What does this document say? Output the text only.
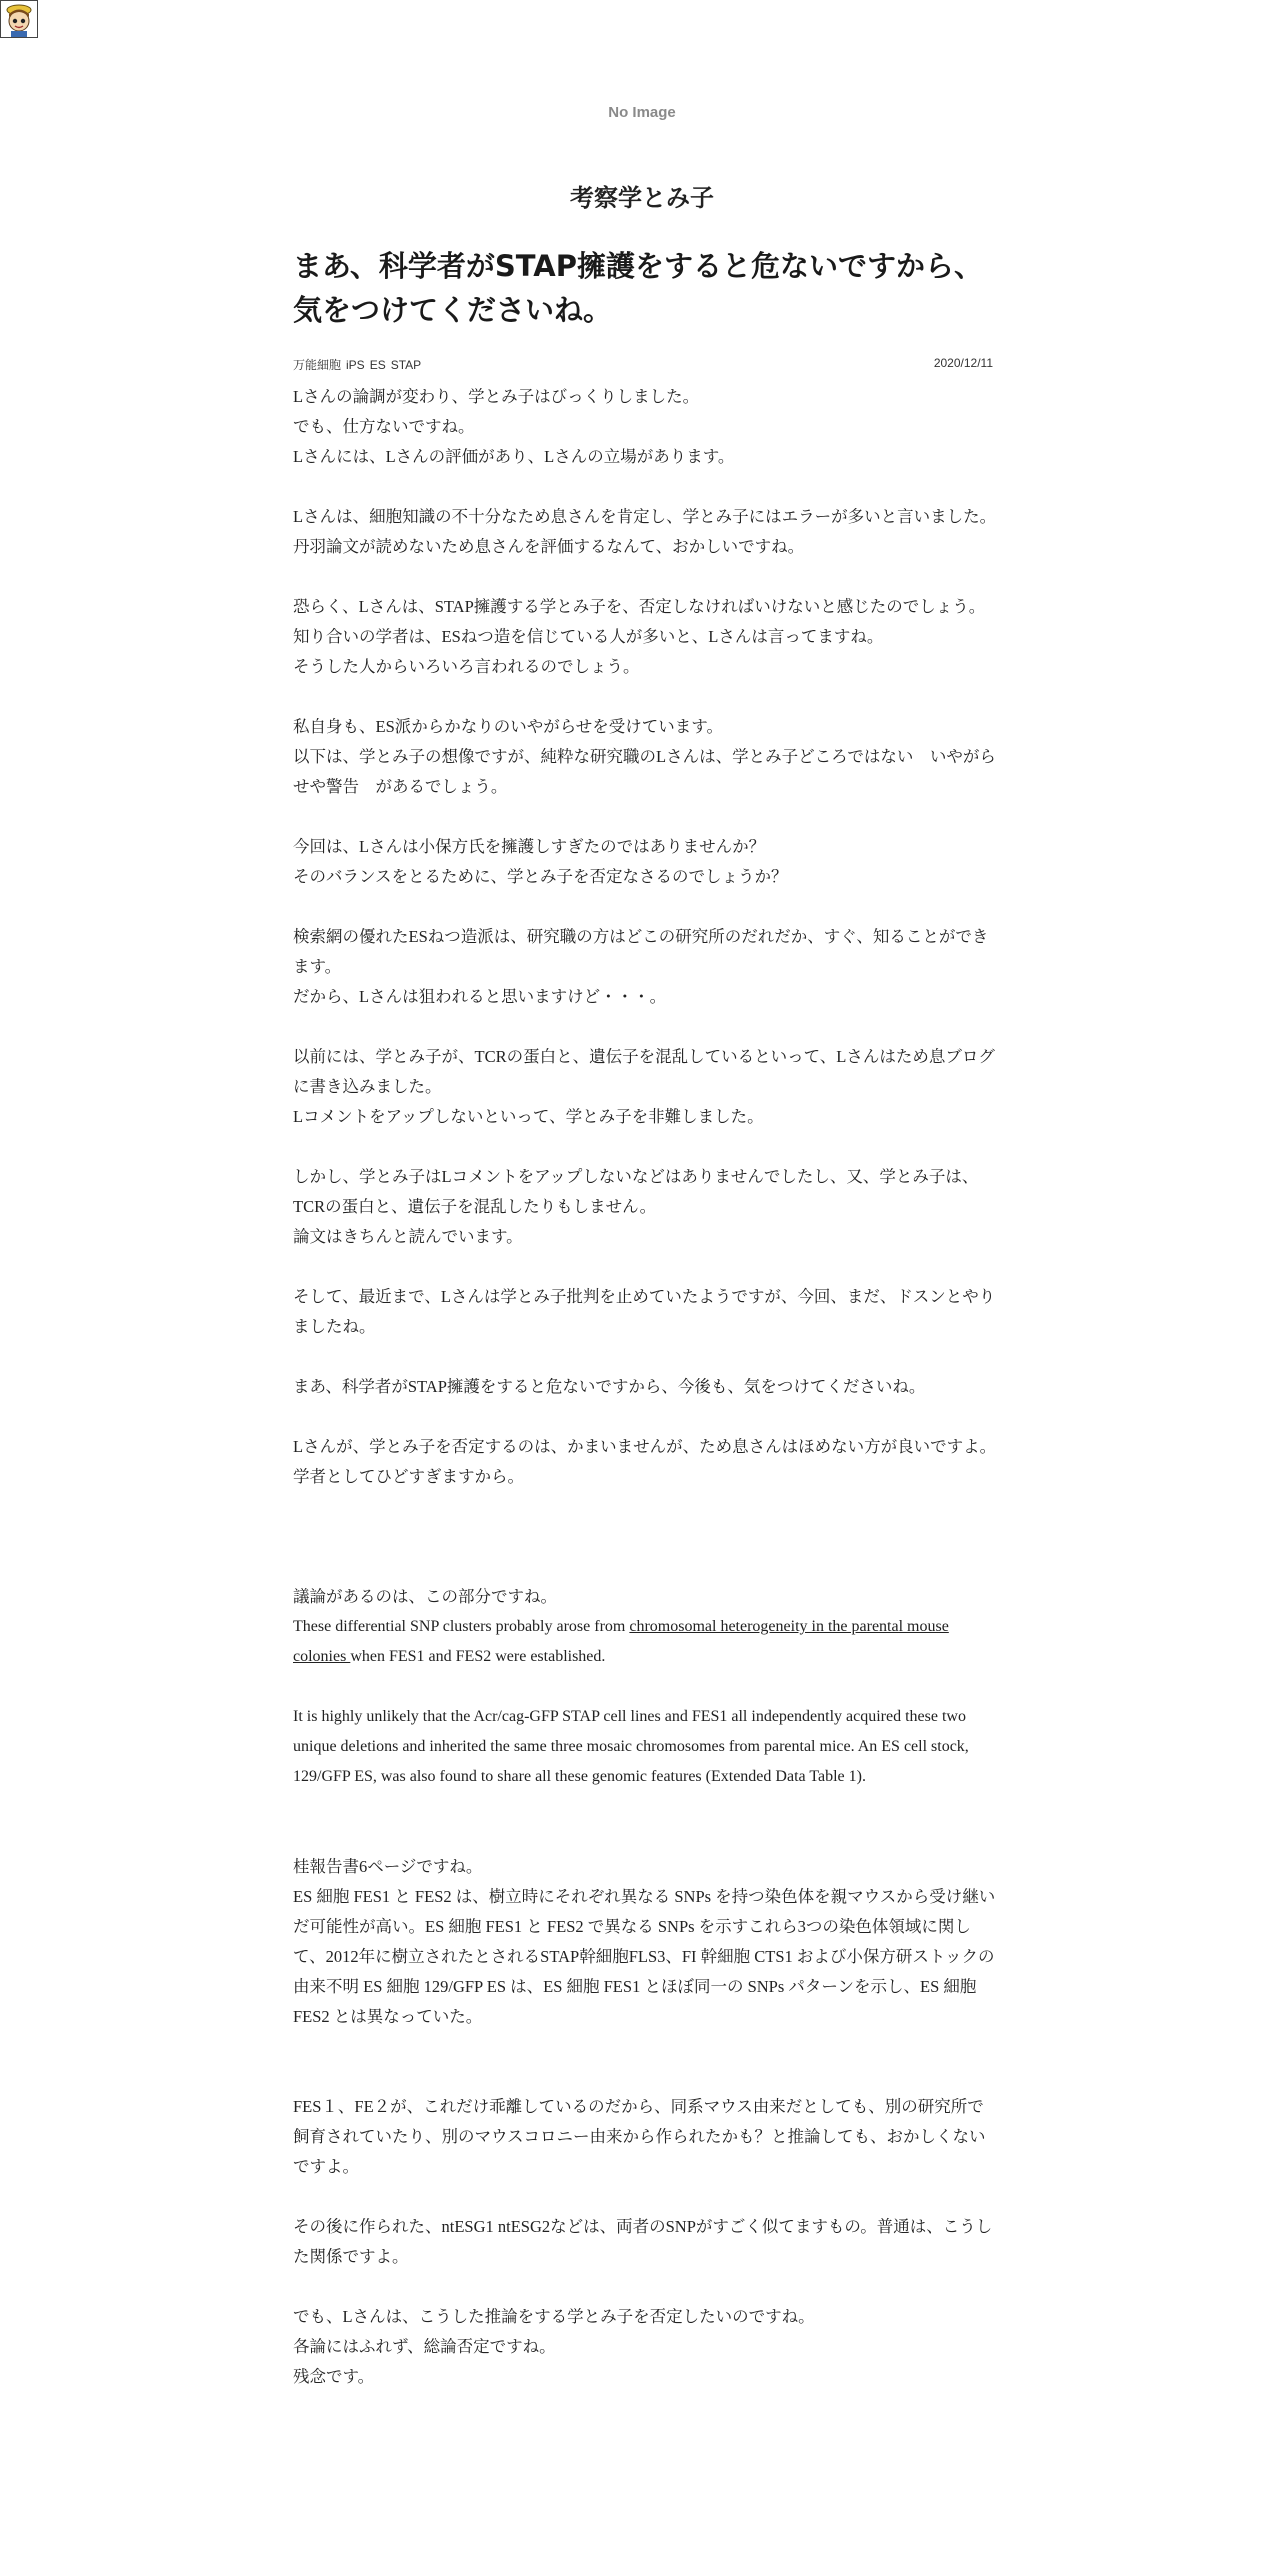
No Image
考察学とみ子
まあ、科学者がSTAP擁護をすると危ないですから、気をつけてくださいね。
万能細胞 iPS ES STAP	2020/12/11

Lさんの論調が変わり、学とみ子はびっくりしました。

でも、仕方ないですね。

Lさんには、Lさんの評価があり、Lさんの立場があります。

Lさんは、細胞知識の不十分なため息さんを肯定し、学とみ子にはエラーが多いと言いました。

丹羽論文が読めないため息さんを評価するなんて、おかしいですね。

恐らく、Lさんは、STAP擁護する学とみ子を、否定しなければいけないと感じたのでしょう。

知り合いの学者は、ESねつ造を信じている人が多いと、Lさんは言ってますね。

そうした人からいろいろ言われるのでしょう。

私自身も、ES派からかなりのいやがらせを受けています。

以下は、学とみ子の想像ですが、純粋な研究職のLさんは、学とみ子どころではない　いやがらせや警告　があるでしょう。

今回は、Lさんは小保方氏を擁護しすぎたのではありませんか？

そのバランスをとるために、学とみ子を否定なさるのでしょうか？

検索網の優れたESねつ造派は、研究職の方はどこの研究所のだれだか、すぐ、知ることができます。

だから、Lさんは狙われると思いますけど・・・。

以前には、学とみ子が、TCRの蛋白と、遺伝子を混乱しているといって、Lさんはため息ブログに書き込みました。

Lコメントをアップしないといって、学とみ子を非難しました。

しかし、学とみ子はLコメントをアップしないなどはありませんでしたし、又、学とみ子は、TCRの蛋白と、遺伝子を混乱したりもしません。

論文はきちんと読んでいます。

そして、最近まで、Lさんは学とみ子批判を止めていたようですが、今回、まだ、ドスンとやりましたね。

まあ、科学者がSTAP擁護をすると危ないですから、今後も、気をつけてくださいね。

Lさんが、学とみ子を否定するのは、かまいませんが、ため息さんはほめない方が良いですよ。

学者としてひどすぎますから。

議論があるのは、この部分ですね。

These differential SNP clusters probably arose from chromosomal heterogeneity in the parental mouse colonies when FES1 and FES2 were established.

It is highly unlikely that the Acr/cag-GFP STAP cell lines and FES1 all independently acquired these two unique deletions and inherited the same three mosaic chromosomes from parental mice. An ES cell stock, 129/GFP ES, was also found to share all these genomic features (Extended Data Table 1).

桂報告書6ページですね。

ES 細胞 FES1 と FES2 は、樹立時にそれぞれ異なる SNPs を持つ染色体を親マウスから受け継いだ可能性が高い。ES 細胞 FES1 と FES2 で異なる SNPs を示すこれら3つの染色体領域に関して、2012年に樹立されたとされるSTAP幹細胞FLS3、FI 幹細胞 CTS1 および小保方研ストックの由来不明 ES 細胞 129/GFP ES は、ES 細胞 FES1 とほぼ同一の SNPs パターンを示し、ES 細胞 FES2 とは異なっていた。

FES１、FE２が、これだけ乖離しているのだから、同系マウス由来だとしても、別の研究所で飼育されていたり、別のマウスコロニー由来から作られたかも？と推論しても、おかしくないですよ。

その後に作られた、ntESG1 ntESG2などは、両者のSNPがすごく似てますもの。普通は、こうした関係ですよ。

でも、Lさんは、こうした推論をする学とみ子を否定したいのですね。

各論にはふれず、総論否定ですね。

残念です。
